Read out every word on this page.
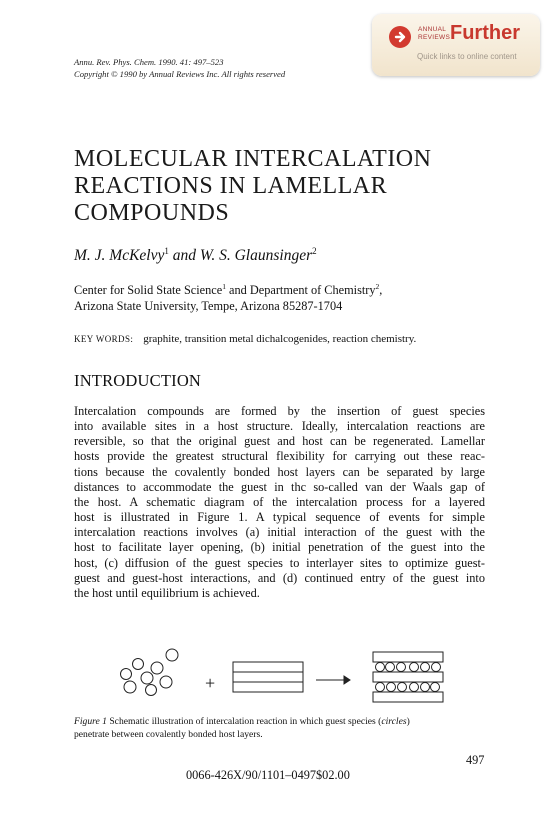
Annu. Rev. Phys. Chem. 1990. 41: 497–523
Copyright © 1990 by Annual Reviews Inc. All rights reserved
ANNUAL
REVIEWS Further
Quick links to online content
MOLECULAR INTERCALATION
REACTIONS IN LAMELLAR
COMPOUNDS
M. J. McKelvy$^1$ and W. S. Glaunsinger$^2$
Center for Solid State Science$^1$ and Department of Chemistry$^2$,
Arizona State University, Tempe, Arizona 85287-1704
KEY WORDS: graphite, transition metal dichalcogenides, reaction chemistry.
INTRODUCTION
Intercalation compounds are formed by the insertion of guest species
into available sites in a host structure. Ideally, intercalation reactions are
reversible, so that the original guest and host can be regenerated. Lamellar
hosts provide the greatest structural flexibility for carrying out these reac-
tions because the covalently bonded host layers can be separated by large
distances to accommodate the guest in thc so-called van der Waals gap of
the host. A schematic diagram of the intercalation process for a layered
host is illustrated in Figure 1. A typical sequence of events for simple
intercalation reactions involves (a) initial interaction of the guest with the
host to facilitate layer opening, (b) initial penetration of the guest into the
host, (c) diffusion of the guest species to interlayer sites to optimize guest-
guest and guest-host interactions, and (d) continued entry of the guest into
the host until equilibrium is achieved.
+
Figure 1 Schematic illustration of intercalation reaction in which guest species (circles)
penetrate between covalently bonded host layers.
497
0066-426X/90/1101–0497$02.00
